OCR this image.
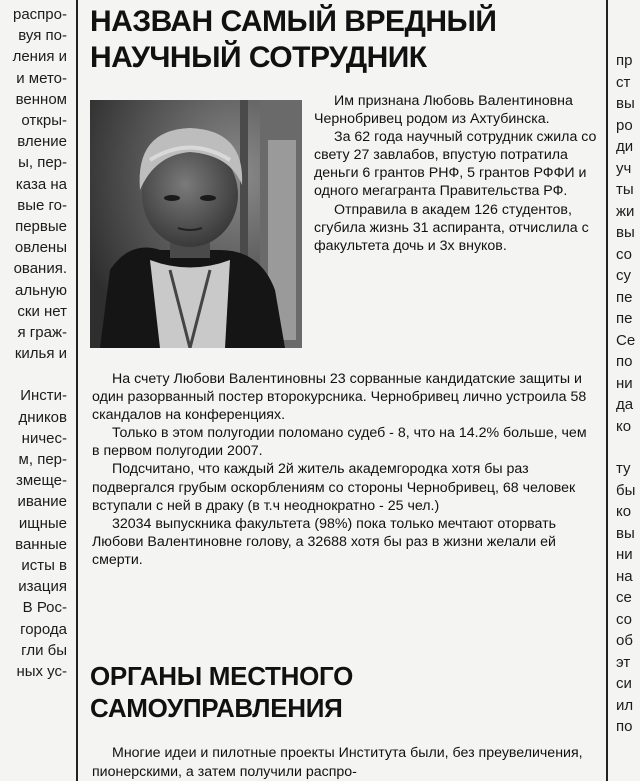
распро-
вуя по-
ления и
и мето-
венном
откры-
вление
ы, пер-
каза на
вые го-
первые
овлены
ования.
альную
ски нет
я граж-
килья и
Инсти-
дников
ничес-
м, пер-
змеще-
ивание
ищные
ванные
исты в
изация
В Рос-
города
гли бы
ных ус-
пр
ст
вы
ро
ди
уч
ты
жи
вы
со
су
пе
пе
Се
по
ни
да
ко
ту
бы
ко
вы
ни
на
се
со
об
эт
си
ил
по
НАЗВАН САМЫЙ ВРЕДНЫЙ
НАУЧНЫЙ СОТРУДНИК

Им признана Любовь Валентиновна Чернобривец родом из Ахтубинска.

За 62 года научный сотрудник сжила со свету 27 завлабов, впустую потратила деньги 6 грантов РНФ, 5 грантов РФФИ и одного мегагранта Правительства РФ.

Отправила в академ 126 студентов, сгубила жизнь 31 аспиранта, отчислила с факультета дочь и 3х внуков.

На счету Любови Валентиновны 23 сорванные кандидатские защиты и один разорванный постер второкурсника. Чернобривец лично устроила 58 скандалов на конференциях.

Только в этом полугодии поломано судеб - 8, что на 14.2% больше, чем в первом полугодии 2007.

Подсчитано, что каждый 2й житель академгородка хотя бы раз подвергался грубым оскорблениям со стороны Чернобривец, 68 человек вступали с ней в драку (в т.ч неоднократно - 25 чел.)

32034 выпускника факультета (98%) пока только мечтают оторвать Любови Валентиновне голову, а 32688 хотя бы раз в жизни желали ей смерти.

ОРГАНЫ МЕСТНОГО
САМОУПРАВЛЕНИЯ

Многие идеи и пилотные проекты Института были, без преувеличения, пионерскими, а затем получили распро-
